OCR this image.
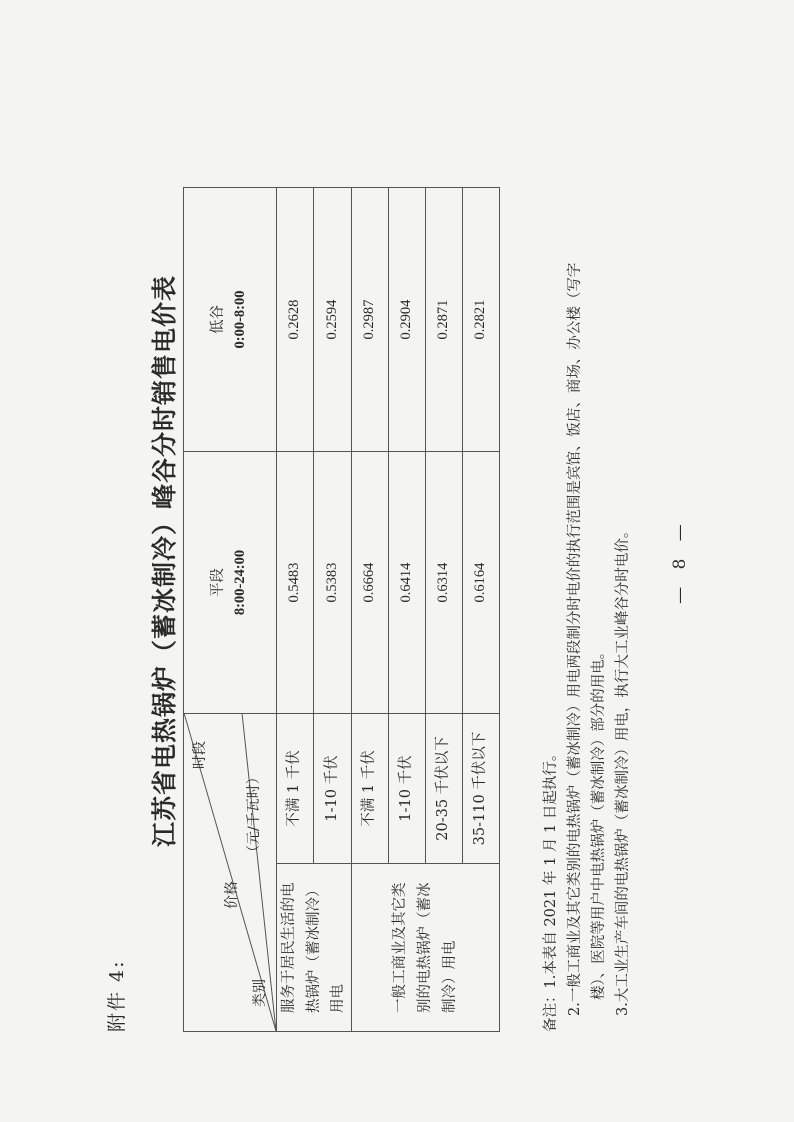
附件 4:
江苏省电热锅炉（蓄冰制冷）峰谷分时销售电价表 时段
价格
（元/千瓦时）
类别		平段 8:00-24:00	低谷 0:00-8:00

服务于居民生活的电热锅炉（蓄冰制冷）用电	不满 1 千伏	0.5483	0.2628
	1-10 千伏	0.5383	0.2594
一般工商业及其它类别的电热锅炉（蓄冰制冷）用电	不满 1 千伏	0.6664	0.2987
	1-10 千伏	0.6414	0.2904
	20-35 千伏以下	0.6314	0.2871
	35-110 千伏以下	0.6164	0.2821
备注：1.本表自 2021 年 1 月 1 日起执行。 2.一般工商业及其它类别的电热锅炉（蓄冰制冷）用电两段制分时电价的执行范围是宾馆、饭店、商场、办公楼（写字 楼）、医院等用户中电热锅炉（蓄冰制冷）部分的用电。 3.大工业生产车间的电热锅炉（蓄冰制冷）用电，执行大工业峰谷分时电价。 — 8 —
